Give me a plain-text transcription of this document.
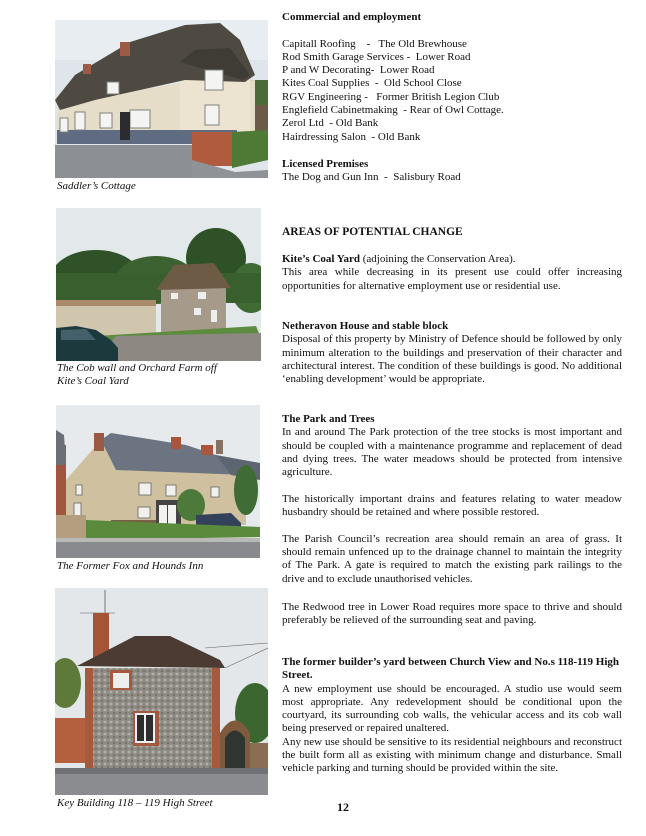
Saddler’s Cottage
The Cob wall and Orchard Farm off
Kite’s Coal Yard
The Former Fox and Hounds Inn
Key Building 118 – 119 High Street
Commercial and employment
Capitall Roofing    -   The Old Brewhouse
Rod Smith Garage Services -  Lower Road
P and W Decorating-  Lower Road
Kites Coal Supplies  -  Old School Close
RGV Engineering -   Former British Legion Club
Englefield Cabinetmaking  - Rear of Owl Cottage.
Zerol Ltd  - Old Bank
Hairdressing Salon  - Old Bank
Licensed Premises
The Dog and Gun Inn  -  Salisbury Road
AREAS OF POTENTIAL CHANGE

Kite’s Coal Yard (adjoining the Conservation Area).

This area while decreasing in its present use could offer increasing opportunities for alternative employment use or residential use.

Netheravon House and stable block

Disposal of this property by Ministry of Defence should be followed by only minimum alteration to the buildings and preservation of their character and architectural interest. The condition of these buildings is good. No additional ‘enabling development’ would be appropriate.

The Park and Trees

In and around The Park protection of the tree stocks is most important and should be coupled with a maintenance programme and replacement of dead and dying trees. The water meadows should be protected from intensive agriculture.

The historically important drains and features relating to water meadow husbandry should be retained and where possible restored.

The Parish Council’s recreation area should remain an area of grass. It should remain unfenced up to the drainage channel to maintain the integrity of The Park. A gate is required to match the existing park railings to the drive and to exclude unauthorised vehicles.

The Redwood tree in Lower Road requires more space to thrive and should preferably be relieved of the surrounding seat and paving.

The former builder’s yard between Church View and No.s 118-119 High Street.

A new employment use should be encouraged. A studio use would seem most appropriate. Any redevelopment should be conditional upon the courtyard, its surrounding cob walls, the vehicular access and its cob wall being preserved or repaired unaltered.

Any new use should be sensitive to its residential neighbours and reconstruct the built form all as existing with minimum change and disturbance. Small vehicle parking and turning should be provided within the site.

12
